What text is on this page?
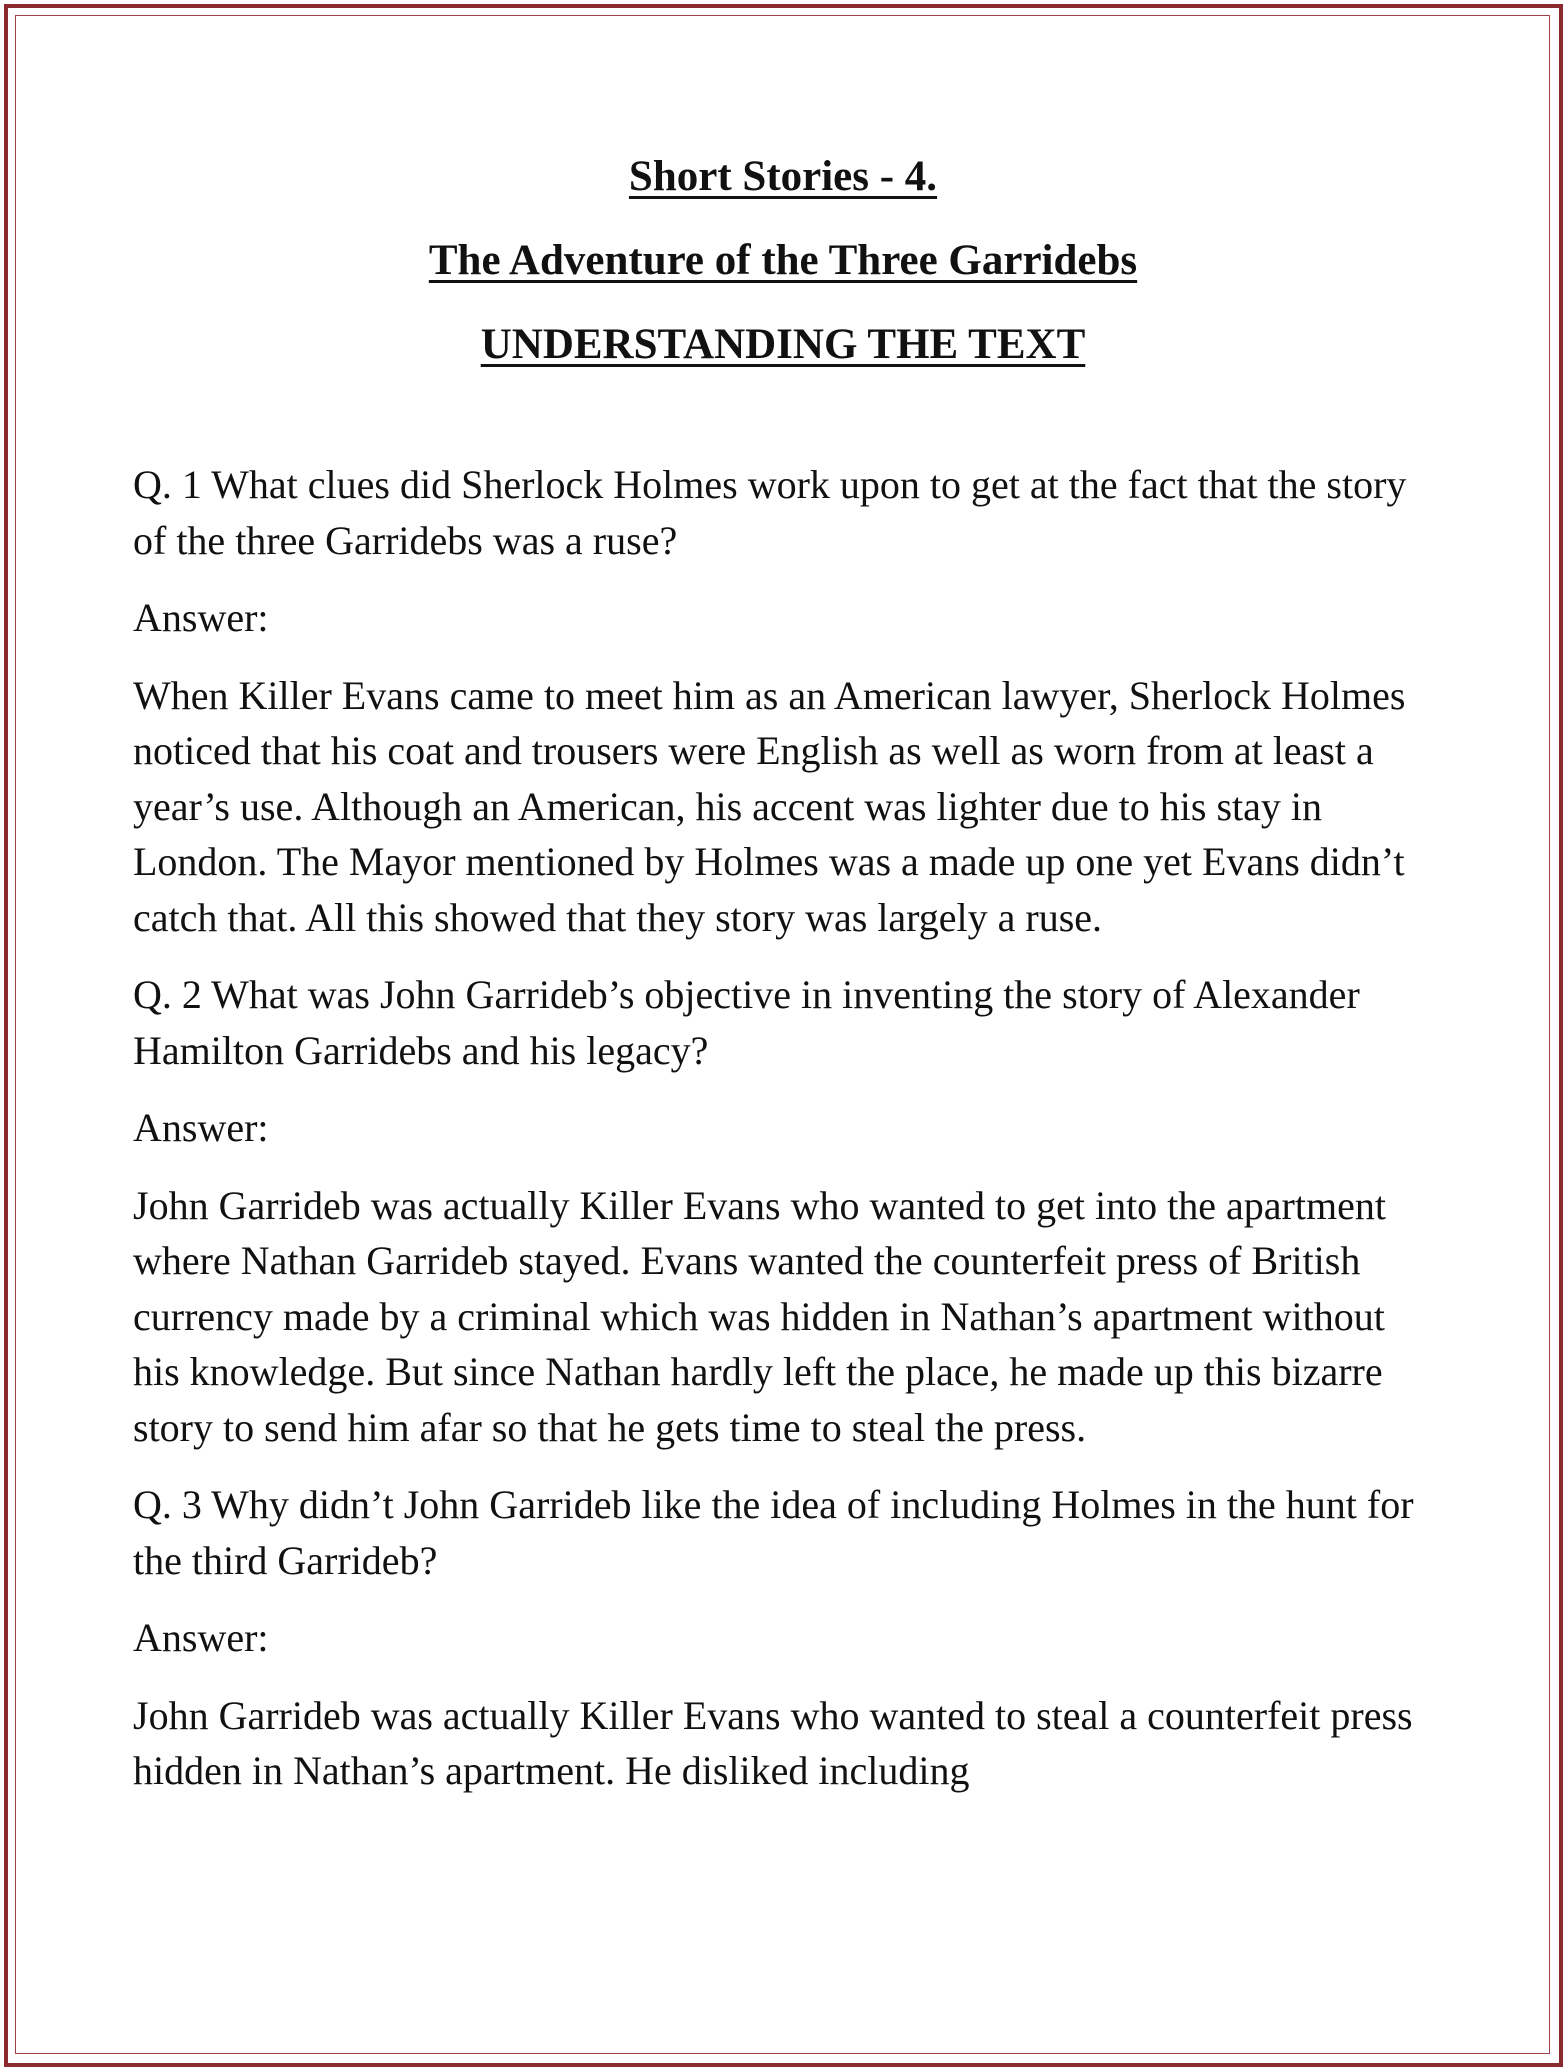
Short Stories - 4.
The Adventure of the Three Garridebs
UNDERSTANDING THE TEXT

Q. 1 What clues did Sherlock Holmes work upon to get at the fact that the story of the three Garridebs was a ruse?

Answer:

When Killer Evans came to meet him as an American lawyer, Sherlock Holmes noticed that his coat and trousers were English as well as worn from at least a year’s use. Although an American, his accent was lighter due to his stay in London. The Mayor mentioned by Holmes was a made up one yet Evans didn’t catch that. All this showed that they story was largely a ruse.

Q. 2 What was John Garrideb’s objective in inventing the story of Alexander Hamilton Garridebs and his legacy?

Answer:

John Garrideb was actually Killer Evans who wanted to get into the apartment where Nathan Garrideb stayed. Evans wanted the counterfeit press of British currency made by a criminal which was hidden in Nathan’s apartment without his knowledge. But since Nathan hardly left the place, he made up this bizarre story to send him afar so that he gets time to steal the press.

Q. 3 Why didn’t John Garrideb like the idea of including Holmes in the hunt for the third Garrideb?

Answer:

John Garrideb was actually Killer Evans who wanted to steal a counterfeit press hidden in Nathan’s apartment. He disliked including
